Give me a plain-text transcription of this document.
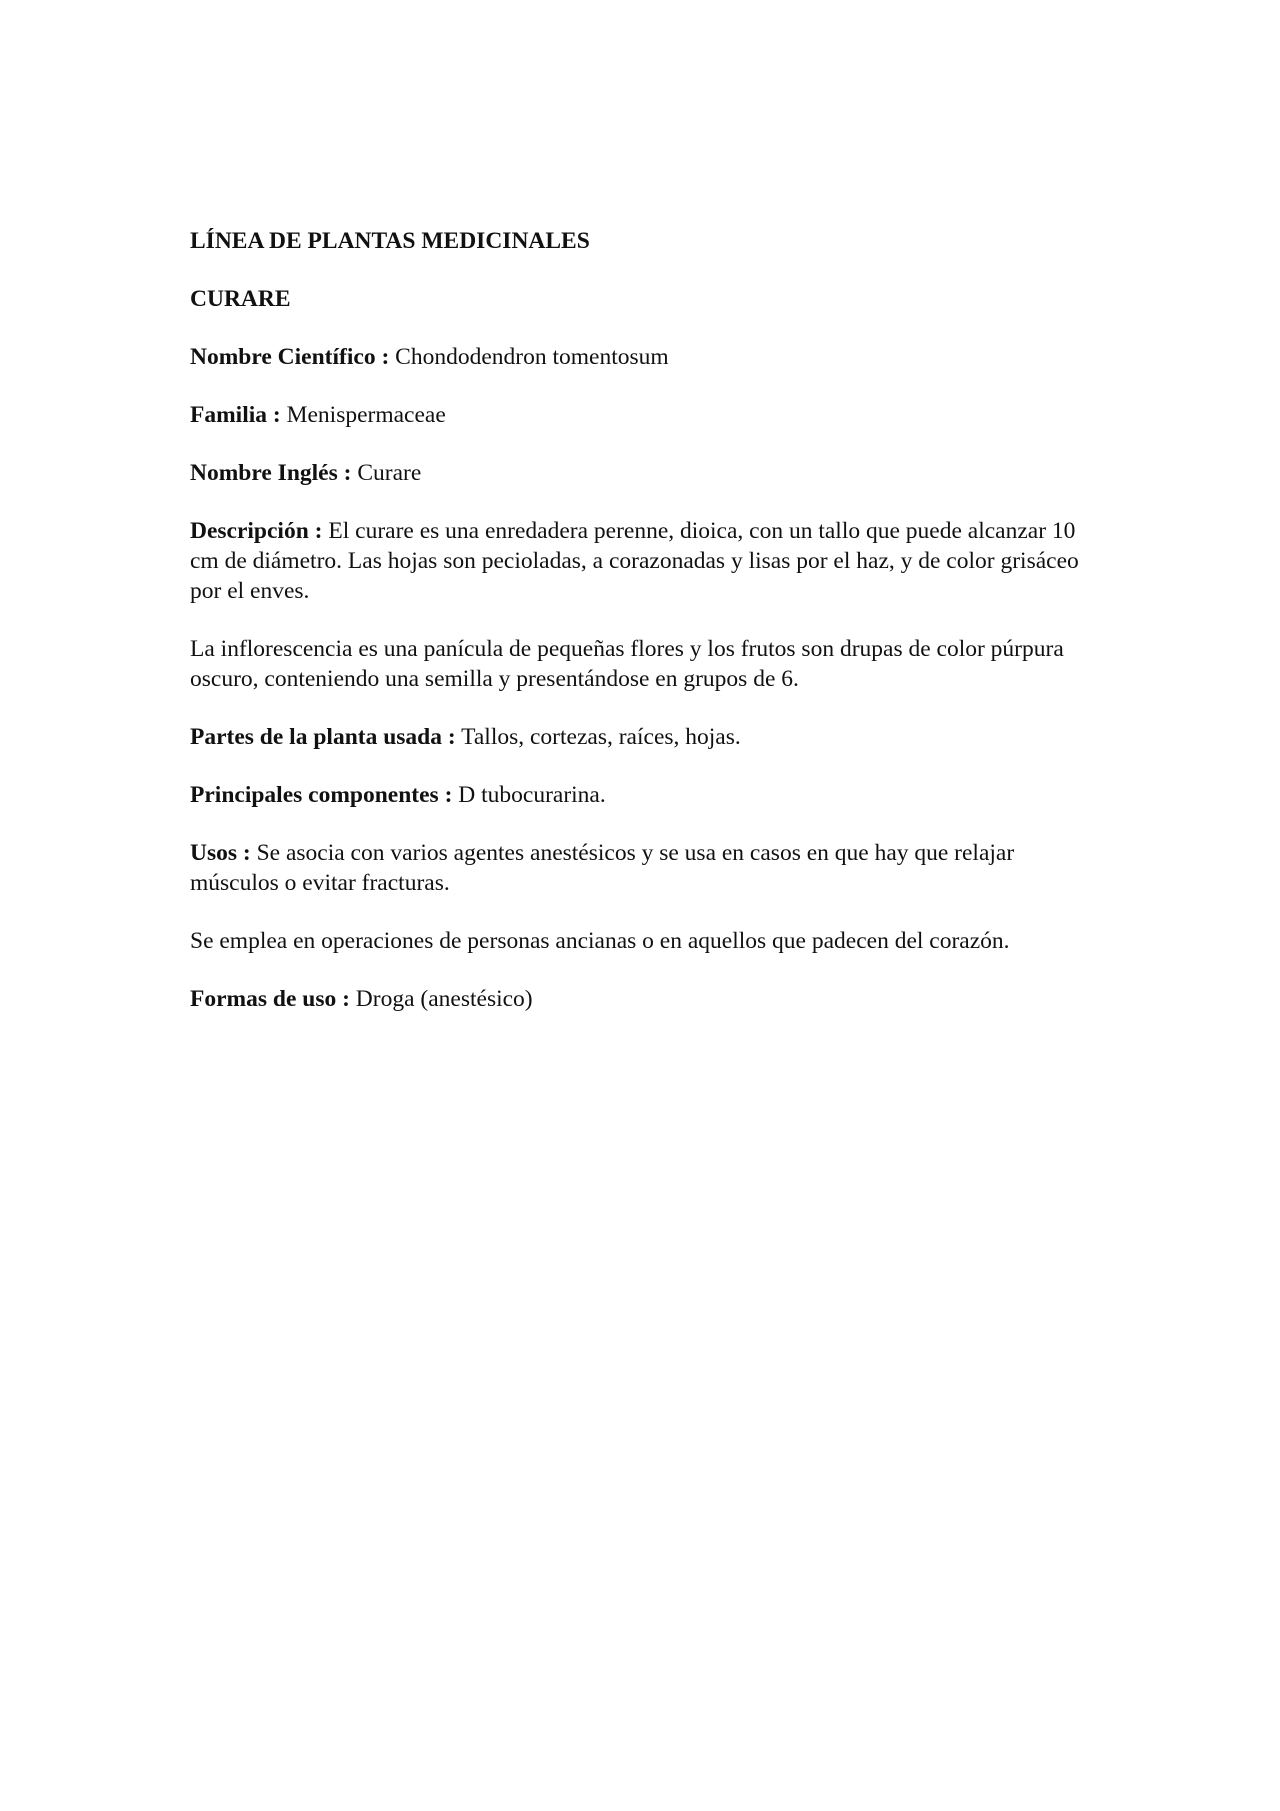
LÍNEA DE PLANTAS MEDICINALES

CURARE

Nombre Científico : Chondodendron tomentosum

Familia : Menispermaceae

Nombre Inglés : Curare

Descripción : El curare es una enredadera perenne, dioica, con un tallo que puede alcanzar 10 cm de diámetro. Las hojas son pecioladas, a corazonadas y lisas por el haz, y de color grisáceo por el enves.

La inflorescencia es una panícula de pequeñas flores y los frutos son drupas de color púrpura oscuro, conteniendo una semilla y presentándose en grupos de 6.

Partes de la planta usada : Tallos, cortezas, raíces, hojas.

Principales componentes : D tubocurarina.

Usos : Se asocia con varios agentes anestésicos y se usa en casos en que hay que relajar músculos o evitar fracturas.

Se emplea en operaciones de personas ancianas o en aquellos que padecen del corazón.

Formas de uso : Droga (anestésico)
